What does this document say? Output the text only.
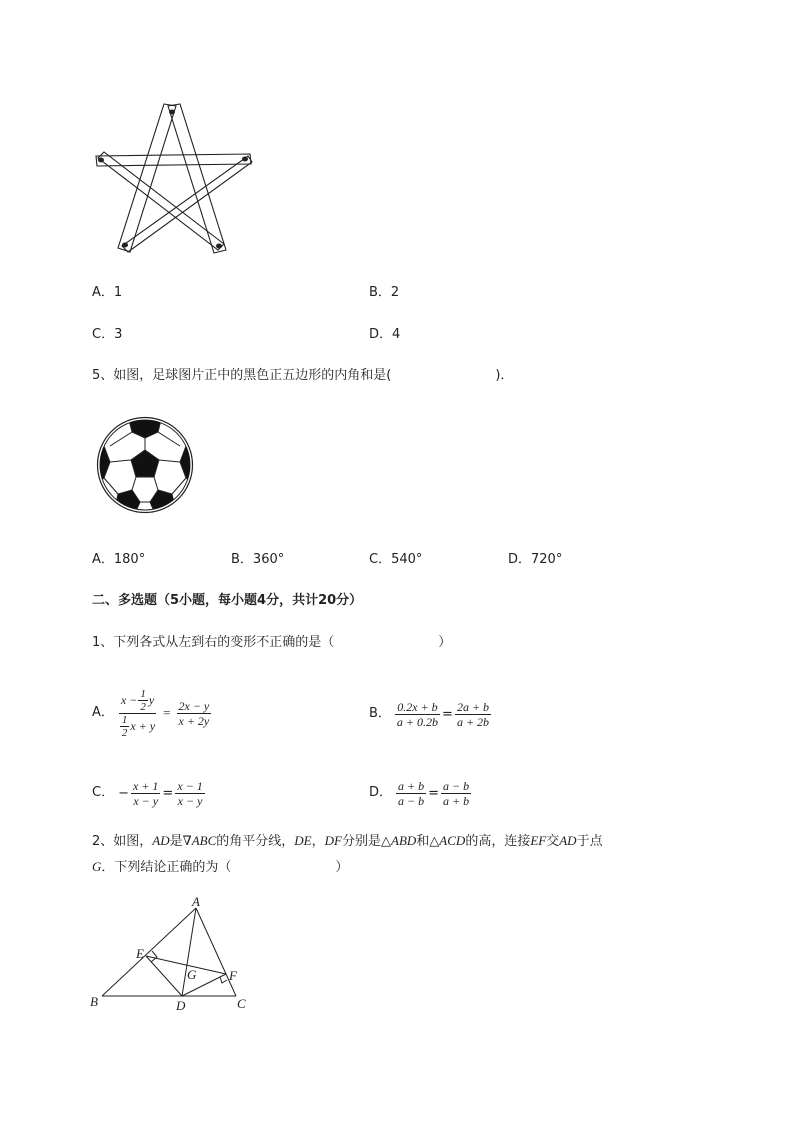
A．1	B．2
C．3	D．4
5、如图，足球图片正中的黑色正五边形的内角和是(	)．
A．180°	B．360°	C．540°	D．720°
二、多选题（5小题，每小题4分，共计20分）
1、下列各式从左到右的变形不正确的是（	）
A． $\frac{x - \frac{1}{2} y}{\frac{1}{2} x + y} = \frac{2x - y}{x + 2y}$	B． $\frac{0.2x + b}{a + 0.2b} = \frac{2a + b}{a + 2b}$
C． − $\frac{x + 1}{x - y} = \frac{x - 1}{x - y}$	D． $\frac{a + b}{a - b} = \frac{a - b}{a + b}$
2、如图，AD是∇ABC的角平分线，DE，DF分别是△ABD和△ACD的高，连接EF交AD于点
G．下列结论正确的为（	）
A
B	C
D
E
F
G
